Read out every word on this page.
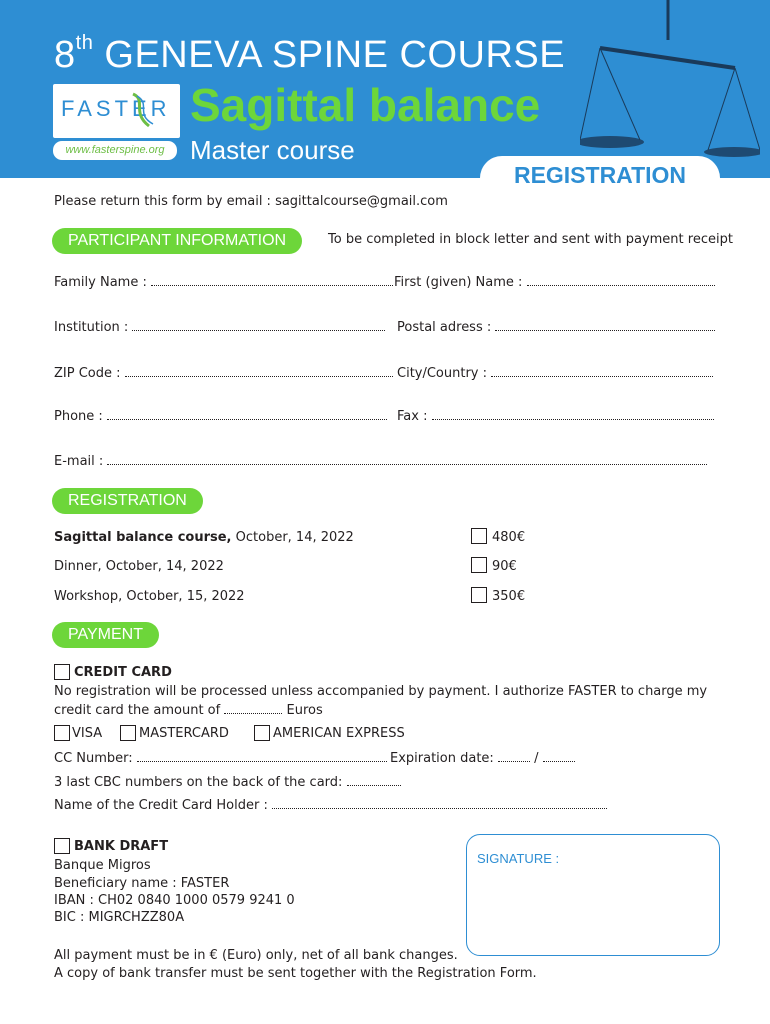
8th GENEVA SPINE COURSE
FASTER
www.fasterspine.org
Sagittal balance
Master course
REGISTRATION
Please return this form by email : sagittalcourse@gmail.com
PARTICIPANT INFORMATION	To be completed in block letter and sent with payment receipt
Family Name :	First (given) Name :
Institution :	Postal adress :
ZIP Code :	City/Country :
Phone :	Fax :
E-mail :
REGISTRATION
Sagittal balance course, October, 14, 2022	480€
Dinner, October, 14, 2022	90€
Workshop, October, 15, 2022	350€
PAYMENT
CREDIT CARD
No registration will be processed unless accompanied by payment. I authorize FASTER to charge my
credit card the amount of	Euros
VISA	MASTERCARD	AMERICAN EXPRESS
CC Number:	Expiration date:	/
3 last CBC numbers on the back of the card:
Name of the Credit Card Holder :
BANK DRAFT
Banque Migros
Beneficiary name : FASTER
IBAN : CH02 0840 1000 0579 9241 0
BIC : MIGRCHZZ80A
SIGNATURE :
All payment must be in € (Euro) only, net of all bank changes.
A copy of bank transfer must be sent together with the Registration Form.
